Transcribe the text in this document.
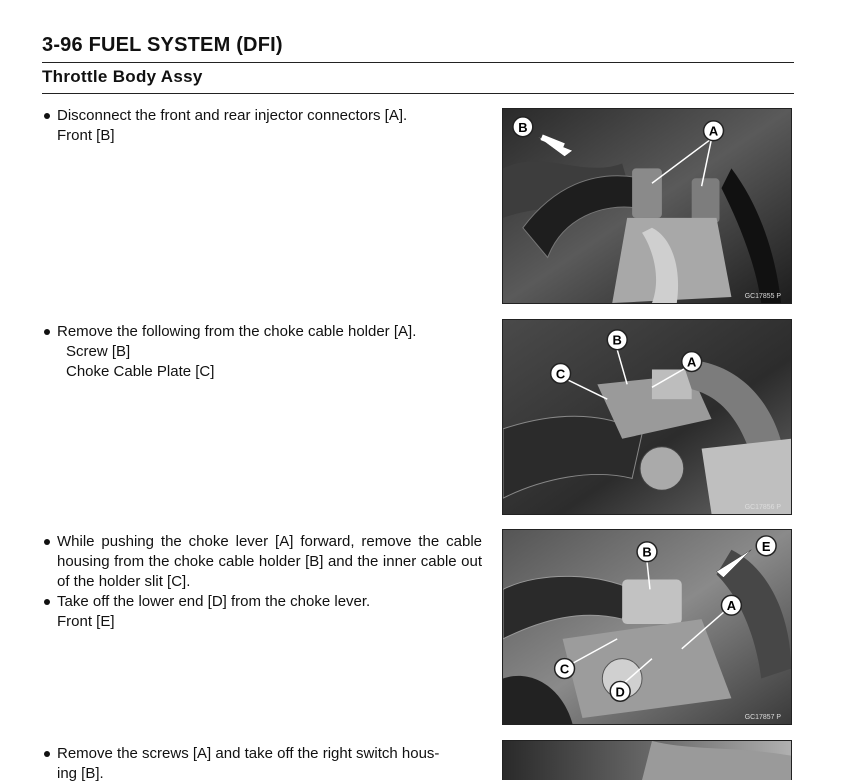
3-96 FUEL SYSTEM (DFI)
Throttle Body Assy
Disconnect the front and rear injector connectors [A].
Front [B]	B	A
GC17855 P
Remove the following from the choke cable holder [A].
Screw [B]
Choke Cable Plate [C]
B
A
C
GC17856 P
While pushing the choke lever [A] forward, remove the cable housing from the choke cable holder [B] and the inner cable out of the holder slit [C].
Take off the lower end [D] from the choke lever.
Front [E]
B	E
A
C
D
GC17857 P
Remove the screws [A] and take off the right switch hous-
ing [B].
